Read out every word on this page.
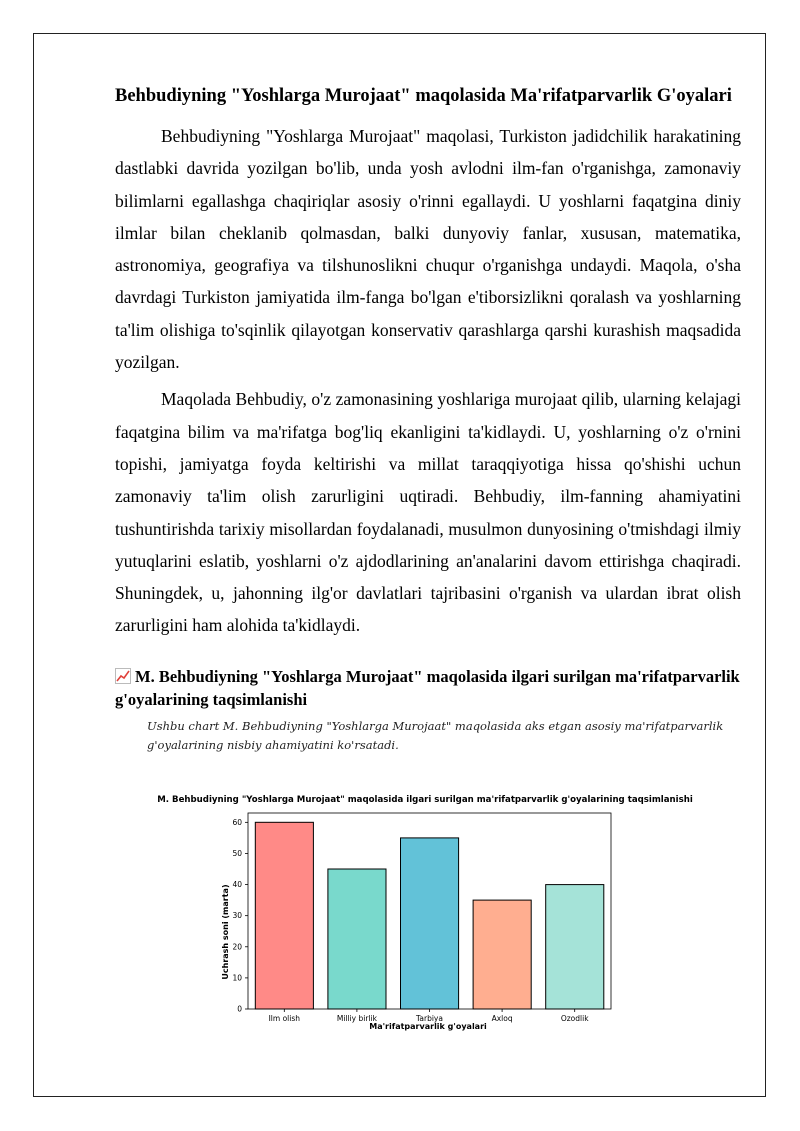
Behbudiyning "Yoshlarga Murojaat" maqolasida Ma'rifatparvarlik G'oyalari

Behbudiyning "Yoshlarga Murojaat" maqolasi, Turkiston jadidchilik harakatining dastlabki davrida yozilgan bo'lib, unda yosh avlodni ilm-fan o'rganishga, zamonaviy bilimlarni egallashga chaqiriqlar asosiy o'rinni egallaydi. U yoshlarni faqatgina diniy ilmlar bilan cheklanib qolmasdan, balki dunyoviy fanlar, xususan, matematika, astronomiya, geografiya va tilshunoslikni chuqur o'rganishga undaydi. Maqola, o'sha davrdagi Turkiston jamiyatida ilm-fanga bo'lgan e'tiborsizlikni qoralash va yoshlarning ta'lim olishiga to'sqinlik qilayotgan konservativ qarashlarga qarshi kurashish maqsadida yozilgan.

Maqolada Behbudiy, o'z zamonasining yoshlariga murojaat qilib, ularning kelajagi faqatgina bilim va ma'rifatga bog'liq ekanligini ta'kidlaydi. U, yoshlarning o'z o'rnini topishi, jamiyatga foyda keltirishi va millat taraqqiyotiga hissa qo'shishi uchun zamonaviy ta'lim olish zarurligini uqtiradi. Behbudiy, ilm-fanning ahamiyatini tushuntirishda tarixiy misollardan foydalanadi, musulmon dunyosining o'tmishdagi ilmiy yutuqlarini eslatib, yoshlarni o'z ajdodlarining an'analarini davom ettirishga chaqiradi. Shuningdek, u, jahonning ilg'or davlatlari tajribasini o'rganish va ulardan ibrat olish zarurligini ham alohida ta'kidlaydi.

M. Behbudiyning "Yoshlarga Murojaat" maqolasida ilgari surilgan ma'rifatparvarlik g'oyalarining taqsimlanishi
Ushbu chart M. Behbudiyning "Yoshlarga Murojaat" maqolasida aks etgan asosiy ma'rifatparvarlik g'oyalarining nisbiy ahamiyatini ko'rsatadi.
M. Behbudiyning "Yoshlarga Murojaat" maqolasida ilgari surilgan ma'rifatparvarlik g'oyalarining taqsimlanishi
Uchrash soni (marta)
Ma'rifatparvarlik g'oyalari
Ilm olish	Milliy birlik	Tarbiya	Axloq	Ozodlik
0
10
20
30
40
50
60
